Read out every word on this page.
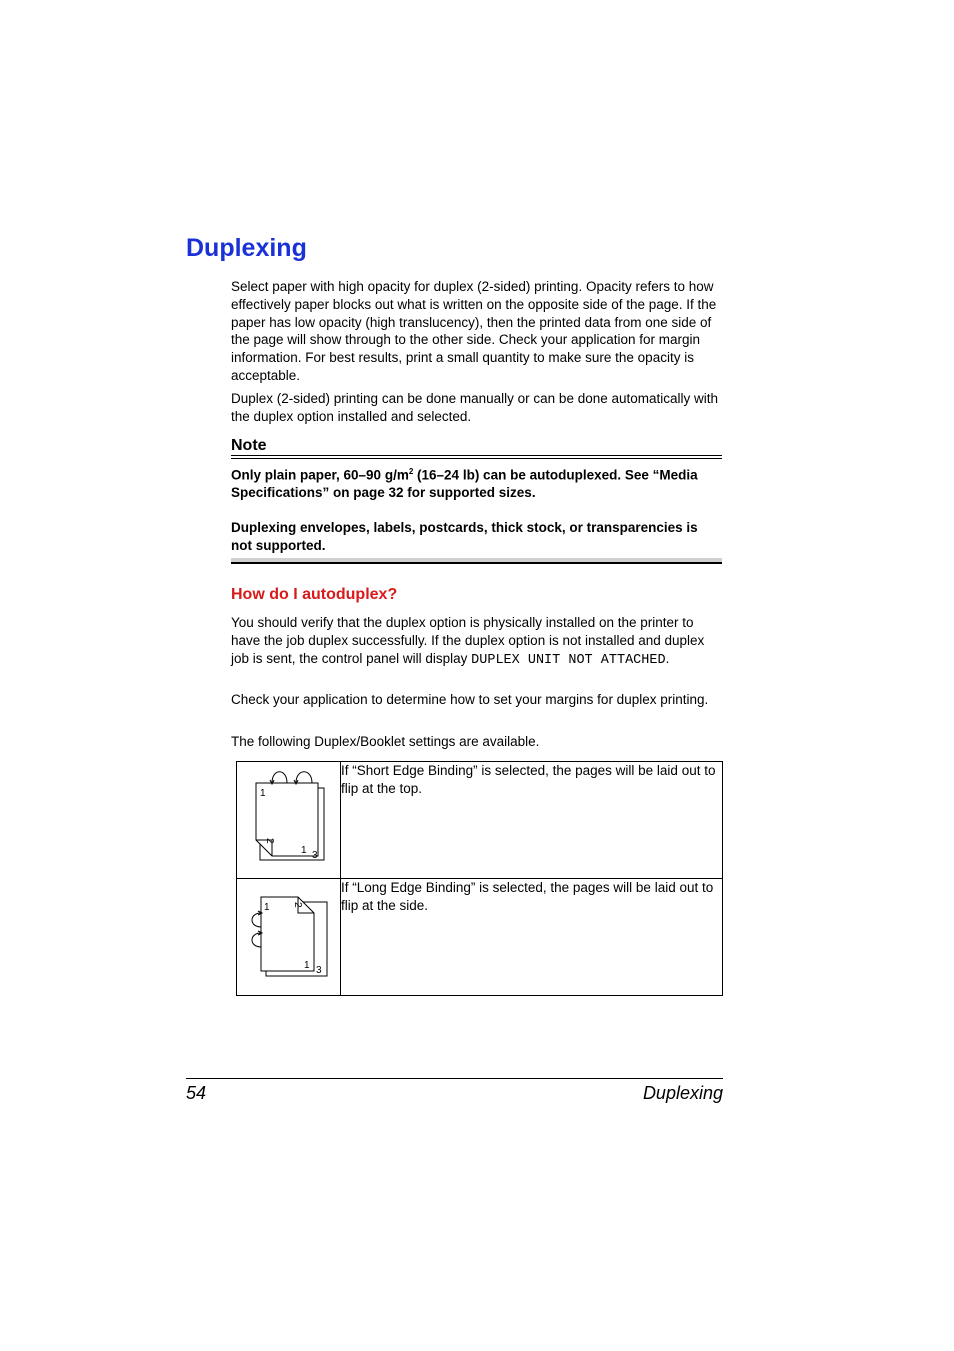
Duplexing

Select paper with high opacity for duplex (2-sided) printing. Opacity refers to how effectively paper blocks out what is written on the opposite side of the page. If the paper has low opacity (high translucency), then the printed data from one side of the page will show through to the other side. Check your application for margin information. For best results, print a small quantity to make sure the opacity is acceptable.

Duplex (2-sided) printing can be done manually or can be done automatically with the duplex option installed and selected.

Note

Only plain paper, 60–90 $g/m^2$ (16–24 lb) can be autoduplexed. See “Media Specifications” on page 32 for supported sizes.

Duplexing envelopes, labels, postcards, thick stock, or transparencies is not supported.

How do I autoduplex?

You should verify that the duplex option is physically installed on the printer to have the job duplex successfully. If the duplex option is not installed and duplex job is sent, the control panel will display DUPLEX UNIT NOT ATTACHED.

Check your application to determine how to set your margins for duplex printing.

The following Duplex/Booklet settings are available.

1
2
1 3	If “Short Edge Binding” is selected, the pages will be laid out to flip at the top.

1 2
1 3	If “Long Edge Binding” is selected, the pages will be laid out to flip at the side.
54	Duplexing
